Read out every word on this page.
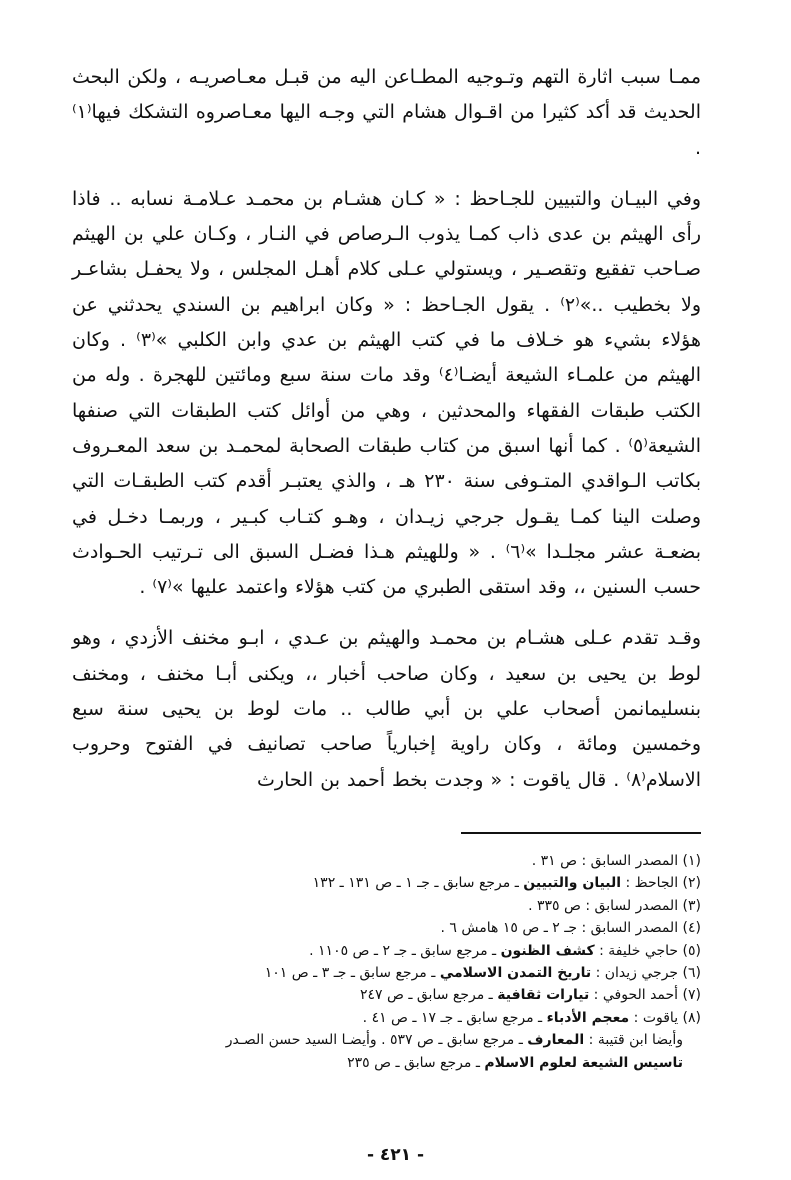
ممـا سبب اثارة التهم وتـوجيه المطـاعن اليه من قبـل معـاصريـه ، ولكن البحث الحديث قد أكد كثيرا من اقـوال هشام التي وجـه اليها معـاصروه التشكك فيها⁽١⁾ .

وفي البيـان والتبيين للجـاحظ : « كـان هشـام بن محمـد عـلامـة نسابه .. فاذا رأى الهيثم بن عدى ذاب كمـا يذوب الـرصاص في النـار ، وكـان علي بن الهيثم صـاحب تفقيع وتقصـير ، ويستولي عـلى كلام أهـل المجلس ، ولا يحفـل بشاعـر ولا بخطيب ..»⁽٢⁾ . يقول الجـاحظ : « وكان ابراهيم بن السندي يحدثني عن هؤلاء بشيء هو خـلاف ما في كتب الهيثم بن عدي وابن الكلبي »⁽٣⁾ . وكان الهيثم من علمـاء الشيعة أيضـا⁽٤⁾ وقد مات سنة سبع ومائتين للهجرة . وله من الكتب طبقات الفقهاء والمحدثين ، وهي من أوائل كتب الطبقات التي صنفها الشيعة⁽٥⁾ . كما أنها اسبق من كتاب طبقات الصحابة لمحمـد بن سعد المعـروف بكاتب الـواقدي المتـوفى سنة ٢٣٠ هـ ، والذي يعتبـر أقدم كتب الطبقـات التي وصلت الينا كمـا يقـول جرجي زيـدان ، وهـو كتـاب كبـير ، وربمـا دخـل في بضعـة عشر مجلـدا »⁽٦⁾ . « وللهيثم هـذا فضـل السبق الى تـرتيب الحـوادث حسب السنين ،، وقد استقى الطبري من كتب هؤلاء واعتمد عليها »⁽٧⁾ .

وقـد تقدم عـلى هشـام بن محمـد والهيثم بن عـدي ، ابـو مخنف الأزدي ، وهو لوط بن يحيى بن سعيد ، وكان صاحب أخبار ،، ويكنى أبـا مخنف ، ومخنف بنسليمانمن أصحاب علي بن أبي طالب .. مات لوط بن يحيى سنة سبع وخمسين ومائة ، وكان راوية إخبارياً صاحب تصانيف في الفتوح وحروب الاسلام⁽٨⁾ . قال ياقوت : « وجدت بخط أحمد بن الحارث

(١) المصدر السابق : ص ٣١ .
(٢) الجاحظ : البيان والتبيين ـ مرجع سابق ـ جـ ١ ـ ص ١٣١ ـ ١٣٢
(٣) المصدر لسابق : ص ٣٣٥ .
(٤) المصدر السابق : جـ ٢ ـ ص ١٥ هامش ٦ .
(٥) حاجي خليفة : كشف الظنون ـ مرجع سابق ـ جـ ٢ ـ ص ١١٠٥ .
(٦) جرجي زيدان : تاريخ التمدن الاسلامي ـ مرجع سابق ـ جـ ٣ ـ ص ١٠١
(٧) أحمد الحوفي : تيارات ثقافية ـ مرجع سابق ـ ص ٢٤٧
(٨) ياقوت : معجم الأدباء ـ مرجع سابق ـ جـ ١٧ ـ ص ٤١ .
وأيضا ابن قتيبة : المعارف ـ مرجع سابق ـ ص ٥٣٧ . وأيضـا السيد حسن الصـدر
تاسيس الشيعة لعلوم الاسلام ـ مرجع سابق ـ ص ٢٣٥
- ٤٢١ -
